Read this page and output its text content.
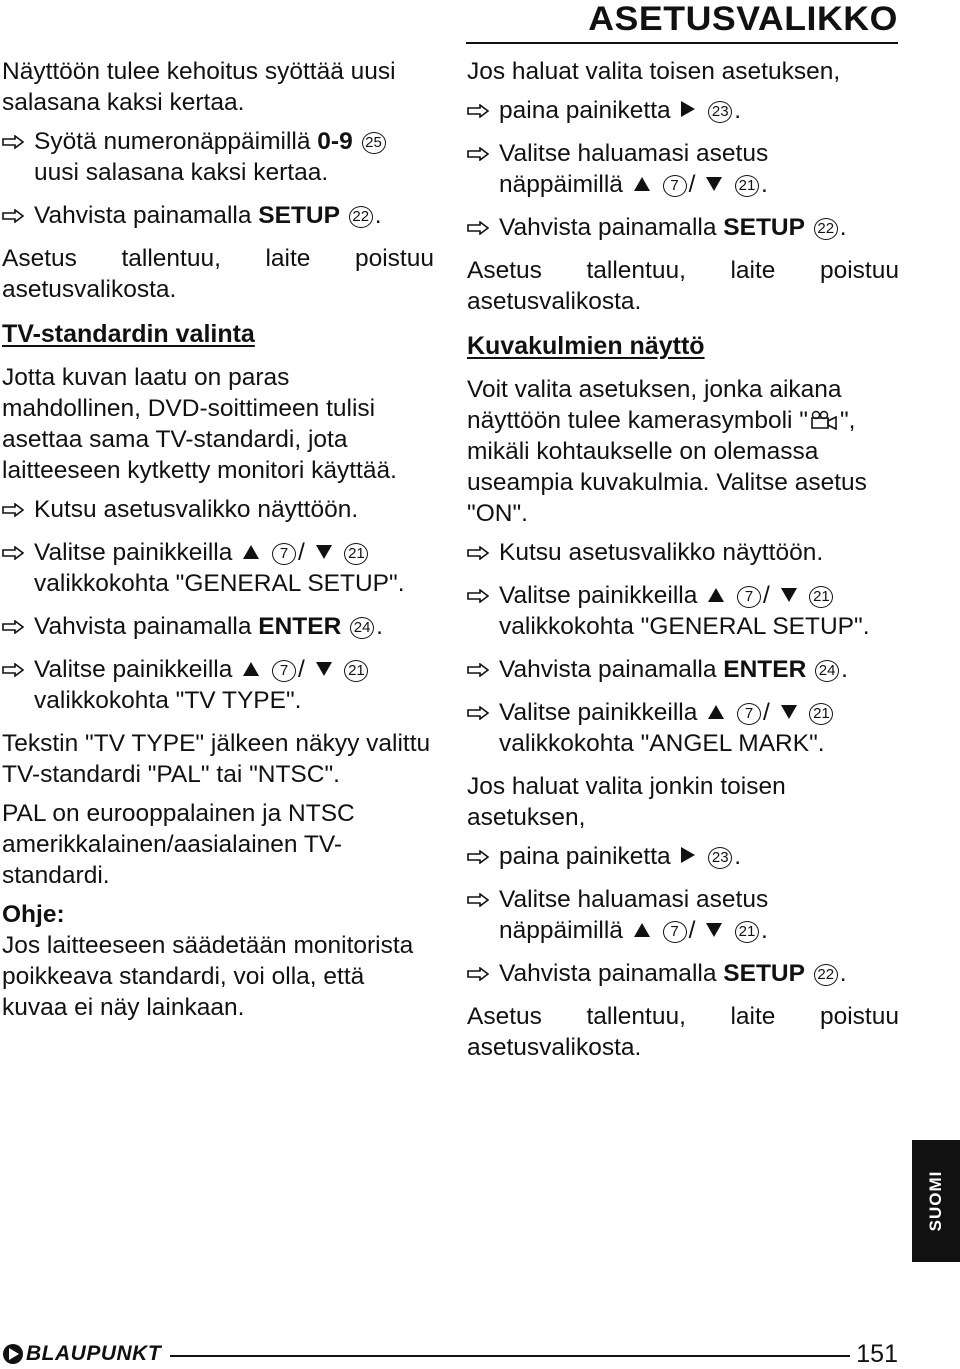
ASETUSVALIKKO

Näyttöön tulee kehoitus syöttää uusi salasana kaksi kertaa.

Syötä numeronäppäimillä 0-9 25
uusi salasana kaksi kertaa.
Vahvista painamalla SETUP 22 .

Asetus tallentuu, laite poistuu asetusvalikosta.

TV-standardin valinta

Jotta kuvan laatu on paras mahdollinen, DVD-soittimeen tulisi asettaa sama TV-standardi, jota laitteeseen kytketty monitori käyttää.

Kutsu asetusvalikko näyttöön.
Valitse painikkeilla	7 /	21
valikkokohta "GENERAL SETUP".
Vahvista painamalla ENTER 24 .
Valitse painikkeilla	7 /	21
valikkokohta "TV TYPE".

Tekstin "TV TYPE" jälkeen näkyy valittu TV-standardi "PAL" tai "NTSC".

PAL on eurooppalainen ja NTSC amerikkalainen/aasialainen TV-standardi.

Ohje:

Jos laitteeseen säädetään monitorista poikkeava standardi, voi olla, että kuvaa ei näy lainkaan.

Jos haluat valita toisen asetuksen,

paina painiketta	23 .
Valitse haluamasi asetus
näppäimillä	7 /	21 .
Vahvista painamalla SETUP 22 .

Asetus tallentuu, laite poistuu asetusvalikosta.

Kuvakulmien näyttö

Voit valita asetuksen, jonka aikana näyttöön tulee kamerasymboli " ", mikäli kohtaukselle on olemassa useampia kuvakulmia. Valitse asetus "ON".

Kutsu asetusvalikko näyttöön.
Valitse painikkeilla	7 /	21
valikkokohta "GENERAL SETUP".
Vahvista painamalla ENTER 24 .
Valitse painikkeilla	7 /	21
valikkokohta "ANGEL MARK".

Jos haluat valita jonkin toisen asetuksen,

paina painiketta	23 .
Valitse haluamasi asetus
näppäimillä	7 /	21 .
Vahvista painamalla SETUP 22 .

Asetus tallentuu, laite poistuu asetusvalikosta.

SUOMI
BLAUPUNKT	151
